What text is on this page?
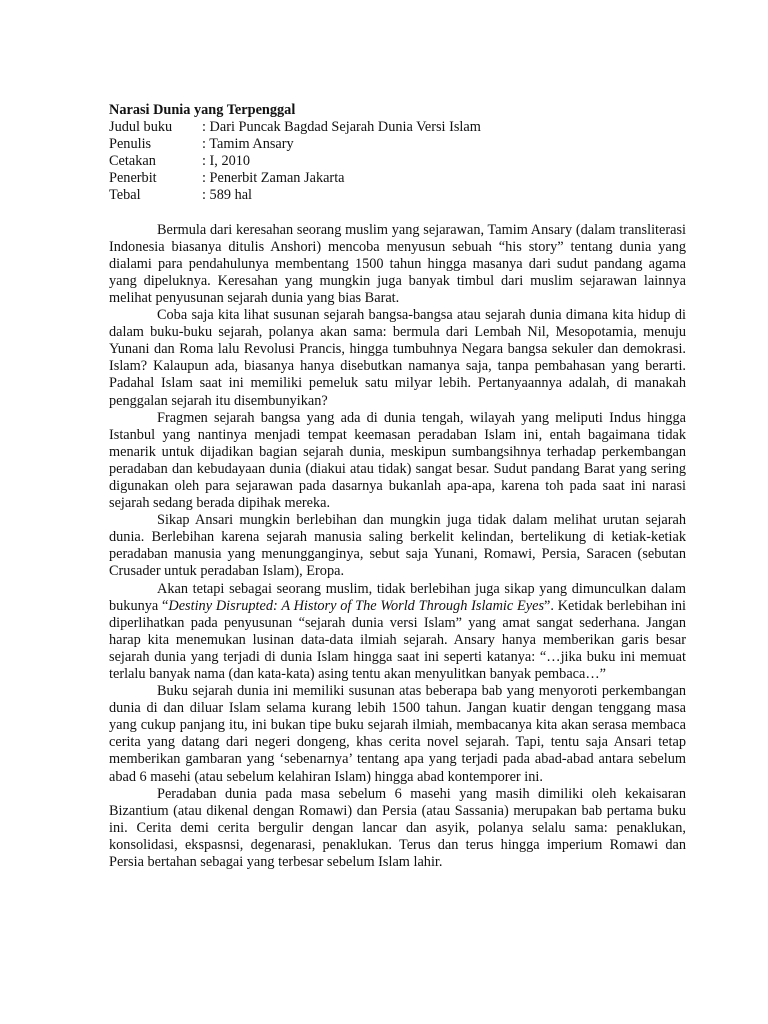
Narasi Dunia yang Terpenggal

Judul buku	: Dari Puncak Bagdad Sejarah Dunia Versi Islam
Penulis	: Tamim Ansary
Cetakan	: I, 2010
Penerbit	: Penerbit Zaman Jakarta
Tebal	: 589 hal

Bermula dari keresahan seorang muslim yang sejarawan, Tamim Ansary (dalam transliterasi Indonesia biasanya ditulis Anshori) mencoba menyusun sebuah “his story” tentang dunia yang dialami para pendahulunya membentang 1500 tahun hingga masanya dari sudut pandang agama yang dipeluknya. Keresahan yang mungkin juga banyak timbul dari muslim sejarawan lainnya melihat penyusunan sejarah dunia yang bias Barat.

Coba saja kita lihat susunan sejarah bangsa-bangsa atau sejarah dunia dimana kita hidup di dalam buku-buku sejarah, polanya akan sama: bermula dari Lembah Nil, Mesopotamia, menuju Yunani dan Roma lalu Revolusi Prancis, hingga tumbuhnya Negara bangsa sekuler dan demokrasi. Islam? Kalaupun ada, biasanya hanya disebutkan namanya saja, tanpa pembahasan yang berarti. Padahal Islam saat ini memiliki pemeluk satu milyar lebih. Pertanyaannya adalah, di manakah penggalan sejarah itu disembunyikan?

Fragmen sejarah bangsa yang ada di dunia tengah, wilayah yang meliputi Indus hingga Istanbul yang nantinya menjadi tempat keemasan peradaban Islam ini, entah bagaimana tidak menarik untuk dijadikan bagian sejarah dunia, meskipun sumbangsihnya terhadap perkembangan peradaban dan kebudayaan dunia (diakui atau tidak) sangat besar. Sudut pandang Barat yang sering digunakan oleh para sejarawan pada dasarnya bukanlah apa-apa, karena toh pada saat ini narasi sejarah sedang berada dipihak mereka.

Sikap Ansari mungkin berlebihan dan mungkin juga tidak dalam melihat urutan sejarah dunia. Berlebihan karena sejarah manusia saling berkelit kelindan, bertelikung di ketiak-ketiak peradaban manusia yang menungganginya, sebut saja Yunani, Romawi, Persia, Saracen (sebutan Crusader untuk peradaban Islam), Eropa.

Akan tetapi sebagai seorang muslim, tidak berlebihan juga sikap yang dimunculkan dalam bukunya “Destiny Disrupted: A History of The World Through Islamic Eyes”. Ketidak berlebihan ini diperlihatkan pada penyusunan “sejarah dunia versi Islam” yang amat sangat sederhana. Jangan harap kita menemukan lusinan data-data ilmiah sejarah. Ansary hanya memberikan garis besar sejarah dunia yang terjadi di dunia Islam hingga saat ini seperti katanya: “…jika buku ini memuat terlalu banyak nama (dan kata-kata) asing tentu akan menyulitkan banyak pembaca…”

Buku sejarah dunia ini memiliki susunan atas beberapa bab yang menyoroti perkembangan dunia di dan diluar Islam selama kurang lebih 1500 tahun. Jangan kuatir dengan tenggang masa yang cukup panjang itu, ini bukan tipe buku sejarah ilmiah, membacanya kita akan serasa membaca cerita yang datang dari negeri dongeng, khas cerita novel sejarah. Tapi, tentu saja Ansari tetap memberikan gambaran yang ‘sebenarnya’ tentang apa yang terjadi pada abad-abad antara sebelum abad 6 masehi (atau sebelum kelahiran Islam) hingga abad kontemporer ini.

Peradaban dunia pada masa sebelum 6 masehi yang masih dimiliki oleh kekaisaran Bizantium (atau dikenal dengan Romawi) dan Persia (atau Sassania) merupakan bab pertama buku ini. Cerita demi cerita bergulir dengan lancar dan asyik, polanya selalu sama: penaklukan, konsolidasi, ekspasnsi, degenarasi, penaklukan. Terus dan terus hingga imperium Romawi dan Persia bertahan sebagai yang terbesar sebelum Islam lahir.
